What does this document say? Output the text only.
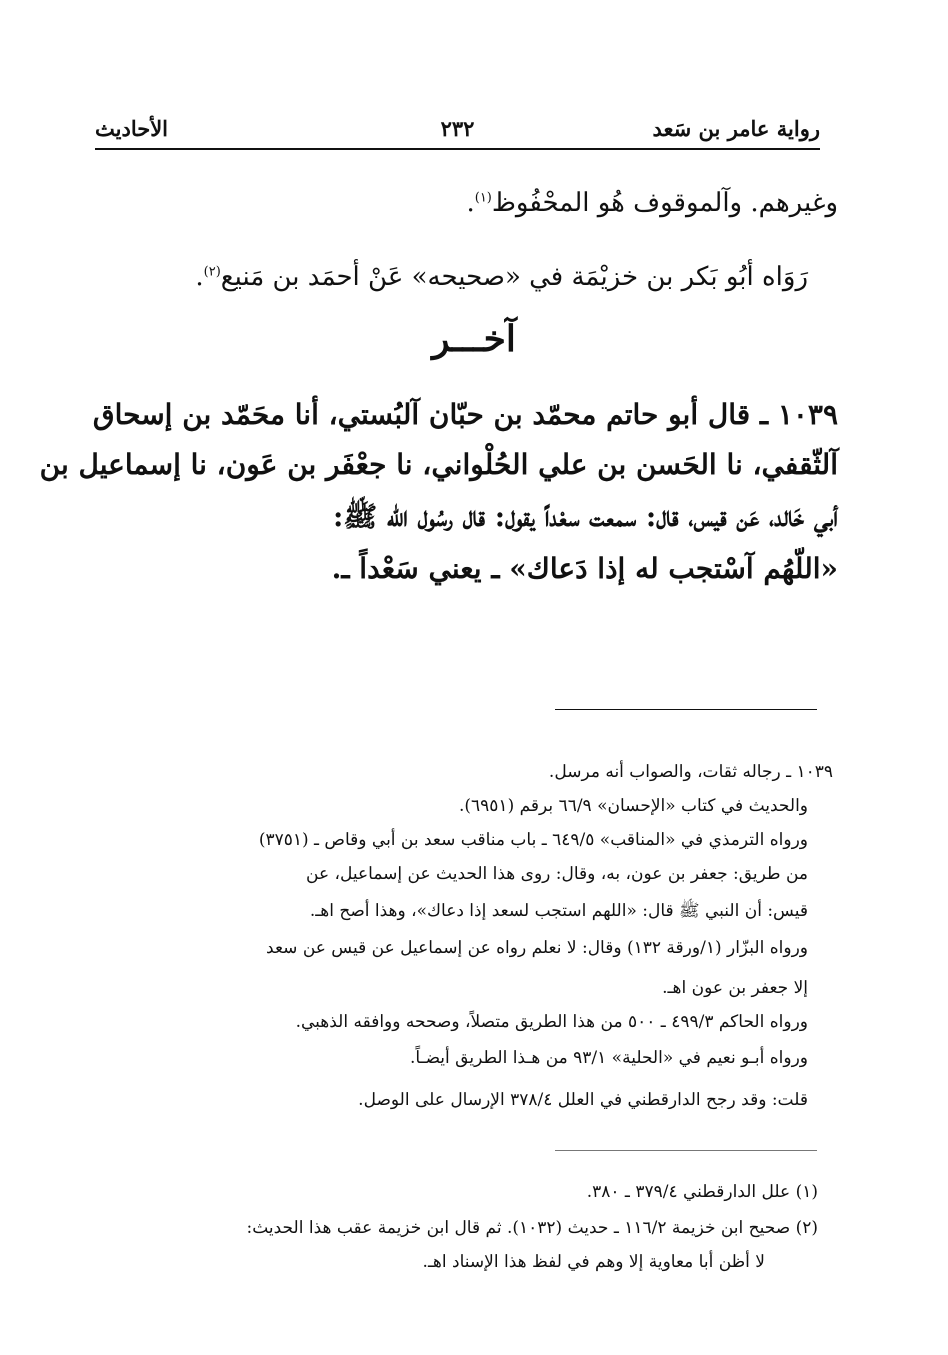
رواية عامر بن سَعد
٢٣٢
الأحاديث
وغيرهم. وآلموقوف هُو المحْفُوظ$^{(١)}$.
رَوَاه أبُو بَكر بن خزيْمَة في «صحيحه» عَنْ أحمَد بن مَنيع$^{(٢)}$.
آخـــر
١٠٣٩ ـ قال أبو حاتم محمّد بن حبّان آلبُستي، أنا محَمّد بن إسحاق
آلثّقفي، نا الحَسن بن علي الحُلْواني، نا جعْفَر بن عَون، نا إسماعيل بن
أبي خَالد، عَن قيس، قال: سمعت سعْداً يقول: قال رسُول الله ﷺ:
«اللّهُم آسْتجب له إذا دَعاك» ـ يعني سَعْداً ـ.
١٠٣٩ ـ رجاله ثقات، والصواب أنه مرسل.
والحديث في كتاب «الإحسان» ٦٦/٩ برقم (٦٩٥١).
ورواه الترمذي في «المناقب» ٦٤٩/٥ ـ باب مناقب سعد بن أبي وقاص ـ (٣٧٥١)
من طريق: جعفر بن عون، به، وقال: روى هذا الحديث عن إسماعيل، عن
قيس: أن النبي ﷺ قال: «اللهم استجب لسعد إذا دعاك»، وهذا أصح اهـ.
ورواه البزّار (١/ورقة ١٣٢) وقال: لا نعلم رواه عن إسماعيل عن قيس عن سعد
إلا جعفر بن عون اهـ.
ورواه الحاكم ٤٩٩/٣ ـ ٥٠٠ من هذا الطريق متصلاً، وصححه ووافقه الذهبي.
ورواه أبـو نعيم في «الحلية» ٩٣/١ من هـذا الطريق أيضـاً.
قلت: وقد رجح الدارقطني في العلل ٣٧٨/٤ الإرسال على الوصل.
(١) علل الدارقطني ٣٧٩/٤ ـ ٣٨٠.
(٢) صحيح ابن خزيمة ١١٦/٢ ـ حديث (١٠٣٢). ثم قال ابن خزيمة عقب هذا الحديث:
لا أظن أبا معاوية إلا وهم في لفظ هذا الإسناد اهـ.
